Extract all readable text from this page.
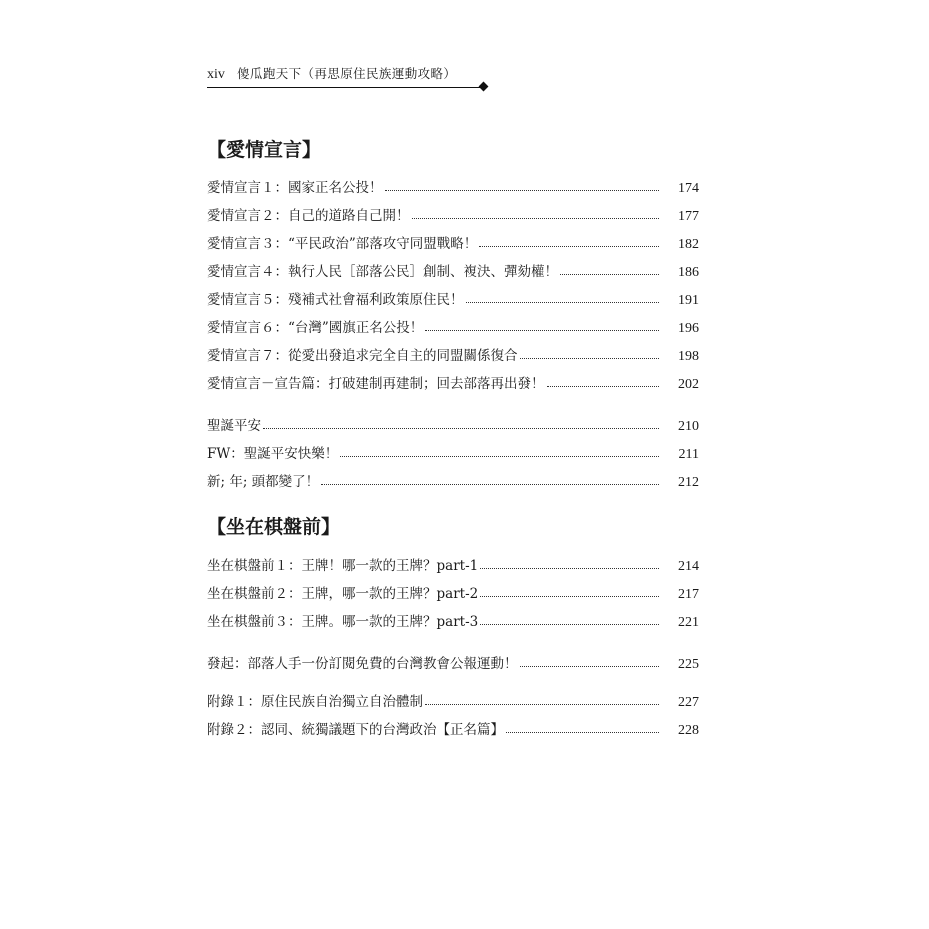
xiv 傻瓜跑天下（再思原住民族運動攻略）
【愛情宣言】
愛情宣言１：國家正名公投！	174
愛情宣言２：自己的道路自己開！	177
愛情宣言３：“平民政治”部落攻守同盟戰略！	182
愛情宣言４：執行人民［部落公民］創制、複決、彈劾權！	186
愛情宣言５：殘補式社會福利政策原住民！	191
愛情宣言６：“台灣”國旗正名公投！	196
愛情宣言７：從愛出發追求完全自主的同盟關係復合	198
愛情宣言－宣告篇：打破建制再建制；回去部落再出發！	202
聖誕平安	210
FW：聖誕平安快樂！	211
新; 年; 頭都變了！	212
【坐在棋盤前】
坐在棋盤前１：王牌！哪一款的王牌？part-1	214
坐在棋盤前２：王牌，哪一款的王牌？part-2	217
坐在棋盤前３：王牌。哪一款的王牌？part-3	221
發起：部落人手一份訂閱免費的台灣教會公報運動！	225
附錄１：原住民族自治獨立自治體制	227
附錄２：認同、統獨議題下的台灣政治【正名篇】	228
